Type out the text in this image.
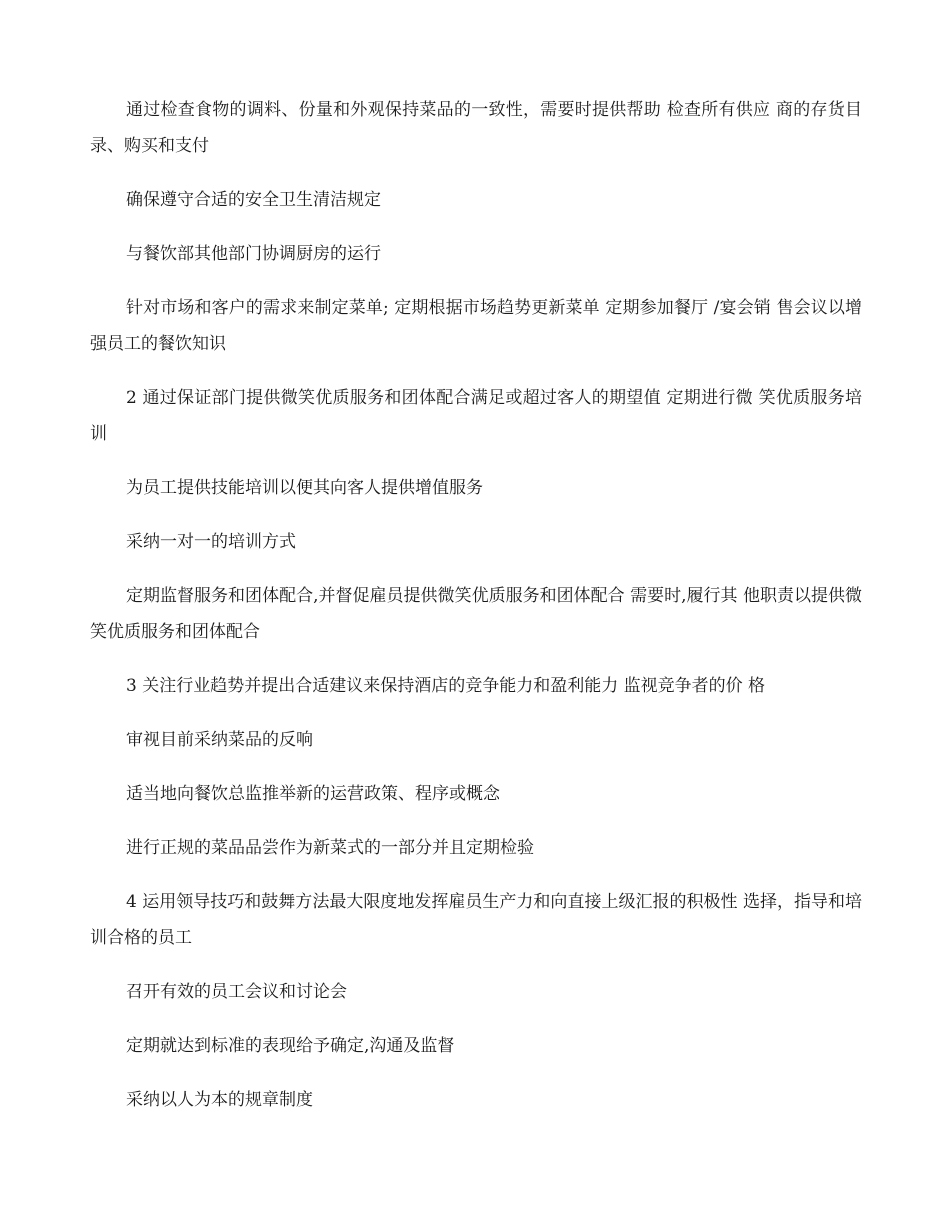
通过检查食物的调料、份量和外观保持菜品的一致性，需要时提供帮助 检查所有供应 商的存货目录、购买和支付

确保遵守合适的安全卫生清洁规定

与餐饮部其他部门协调厨房的运行

针对市场和客户的需求来制定菜单; 定期根据市场趋势更新菜单 定期参加餐厅 /宴会销 售会议以增强员工的餐饮知识

2 通过保证部门提供微笑优质服务和团体配合满足或超过客人的期望值 定期进行微 笑优质服务培训

为员工提供技能培训以便其向客人提供增值服务

采纳一对一的培训方式

定期监督服务和团体配合,并督促雇员提供微笑优质服务和团体配合 需要时,履行其 他职责以提供微笑优质服务和团体配合

3 关注行业趋势并提出合适建议来保持酒店的竞争能力和盈利能力 监视竞争者的价 格

审视目前采纳菜品的反响

适当地向餐饮总监推举新的运营政策、程序或概念

进行正规的菜品品尝作为新菜式的一部分并且定期检验

4 运用领导技巧和鼓舞方法最大限度地发挥雇员生产力和向直接上级汇报的积极性 选择，指导和培训合格的员工

召开有效的员工会议和讨论会

定期就达到标准的表现给予确定,沟通及监督

采纳以人为本的规章制度
